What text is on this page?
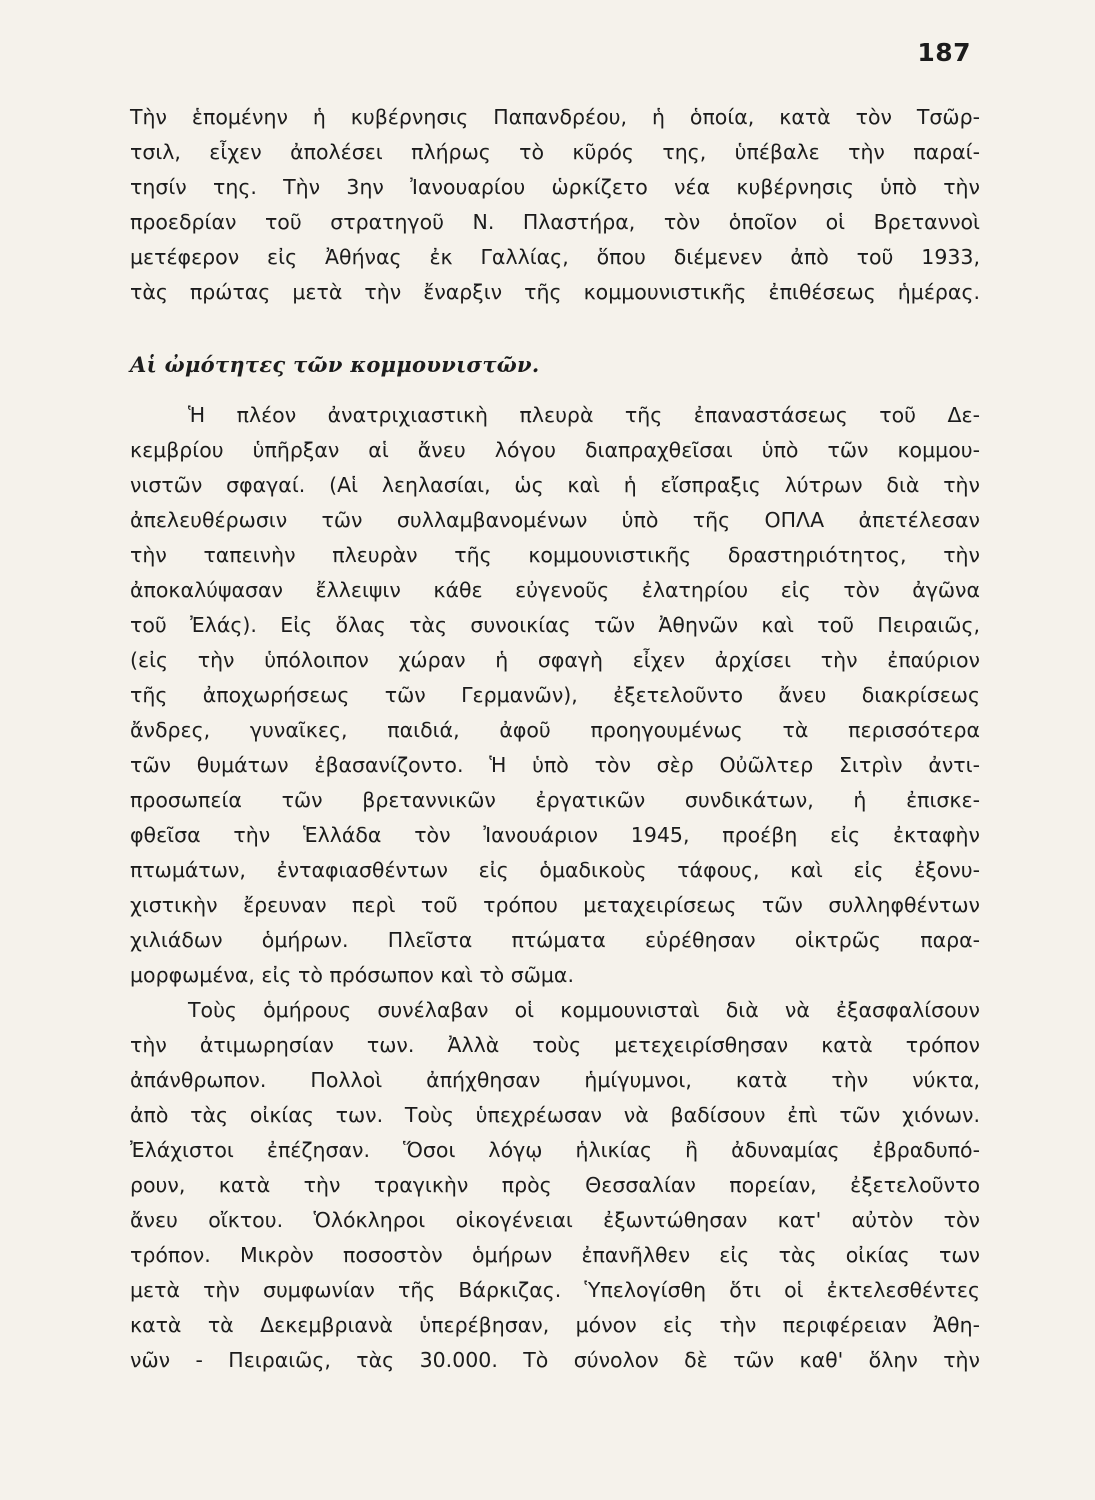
187
Τὴν ἑπομένην ἡ κυβέρνησις Παπανδρέου, ἡ ὁποία, κατὰ τὸν Τσῶρ-
τσιλ, εἶχεν ἀπολέσει πλήρως τὸ κῦρός της, ὑπέβαλε τὴν παραί-
τησίν της. Τὴν 3ην Ἰανουαρίου ὡρκίζετο νέα κυβέρνησις ὑπὸ τὴν
προεδρίαν τοῦ στρατηγοῦ Ν. Πλαστήρα, τὸν ὁποῖον οἱ Βρεταννοὶ
μετέφερον εἰς Ἀθήνας ἐκ Γαλλίας, ὅπου διέμενεν ἀπὸ τοῦ 1933,
τὰς πρώτας μετὰ τὴν ἔναρξιν τῆς κομμουνιστικῆς ἐπιθέσεως ἡμέρας.
Αἱ ὠμότητες τῶν κομμουνιστῶν.
Ἡ πλέον ἀνατριχιαστικὴ πλευρὰ τῆς ἐπαναστάσεως τοῦ Δε-
κεμβρίου ὑπῆρξαν αἱ ἄνευ λόγου διαπραχθεῖσαι ὑπὸ τῶν κομμου-
νιστῶν σφαγαί. (Αἱ λεηλασίαι, ὡς καὶ ἡ εἴσπραξις λύτρων διὰ τὴν
ἀπελευθέρωσιν τῶν συλλαμβανομένων ὑπὸ τῆς ΟΠΛΑ ἀπετέλεσαν
τὴν ταπεινὴν πλευρὰν τῆς κομμουνιστικῆς δραστηριότητος, τὴν
ἀποκαλύψασαν ἔλλειψιν κάθε εὐγενοῦς ἐλατηρίου εἰς τὸν ἀγῶνα
τοῦ Ἐλάς). Εἰς ὅλας τὰς συνοικίας τῶν Ἀθηνῶν καὶ τοῦ Πειραιῶς,
(εἰς τὴν ὑπόλοιπον χώραν ἡ σφαγὴ εἶχεν ἀρχίσει τὴν ἐπαύριον
τῆς ἀποχωρήσεως τῶν Γερμανῶν), ἐξετελοῦντο ἄνευ διακρίσεως
ἄνδρες, γυναῖκες, παιδιά, ἀφοῦ προηγουμένως τὰ περισσότερα
τῶν θυμάτων ἐβασανίζοντο. Ἡ ὑπὸ τὸν σὲρ Οὐῶλτερ Σιτρὶν ἀντι-
προσωπεία τῶν βρεταννικῶν ἐργατικῶν συνδικάτων, ἡ ἐπισκε-
φθεῖσα τὴν Ἑλλάδα τὸν Ἰανουάριον 1945, προέβη εἰς ἐκταφὴν
πτωμάτων, ἐνταφιασθέντων εἰς ὁμαδικοὺς τάφους, καὶ εἰς ἐξονυ-
χιστικὴν ἔρευναν περὶ τοῦ τρόπου μεταχειρίσεως τῶν συλληφθέντων
χιλιάδων ὁμήρων. Πλεῖστα πτώματα εὑρέθησαν οἰκτρῶς παρα-
μορφωμένα, εἰς τὸ πρόσωπον καὶ τὸ σῶμα.
Τοὺς ὁμήρους συνέλαβαν οἱ κομμουνισταὶ διὰ νὰ ἐξασφαλίσουν
τὴν ἀτιμωρησίαν των. Ἀλλὰ τοὺς μετεχειρίσθησαν κατὰ τρόπον
ἀπάνθρωπον. Πολλοὶ ἀπήχθησαν ἡμίγυμνοι, κατὰ τὴν νύκτα,
ἀπὸ τὰς οἰκίας των. Τοὺς ὑπεχρέωσαν νὰ βαδίσουν ἐπὶ τῶν χιόνων.
Ἐλάχιστοι ἐπέζησαν. Ὅσοι λόγῳ ἡλικίας ἢ ἀδυναμίας ἐβραδυπό-
ρουν, κατὰ τὴν τραγικὴν πρὸς Θεσσαλίαν πορείαν, ἐξετελοῦντο
ἄνευ οἴκτου. Ὁλόκληροι οἰκογένειαι ἐξωντώθησαν κατ' αὐτὸν τὸν
τρόπον. Μικρὸν ποσοστὸν ὁμήρων ἐπανῆλθεν εἰς τὰς οἰκίας των
μετὰ τὴν συμφωνίαν τῆς Βάρκιζας. Ὑπελογίσθη ὅτι οἱ ἐκτελεσθέντες
κατὰ τὰ Δεκεμβριανὰ ὑπερέβησαν, μόνον εἰς τὴν περιφέρειαν Ἀθη-
νῶν - Πειραιῶς, τὰς 30.000. Τὸ σύνολον δὲ τῶν καθ' ὅλην τὴν
